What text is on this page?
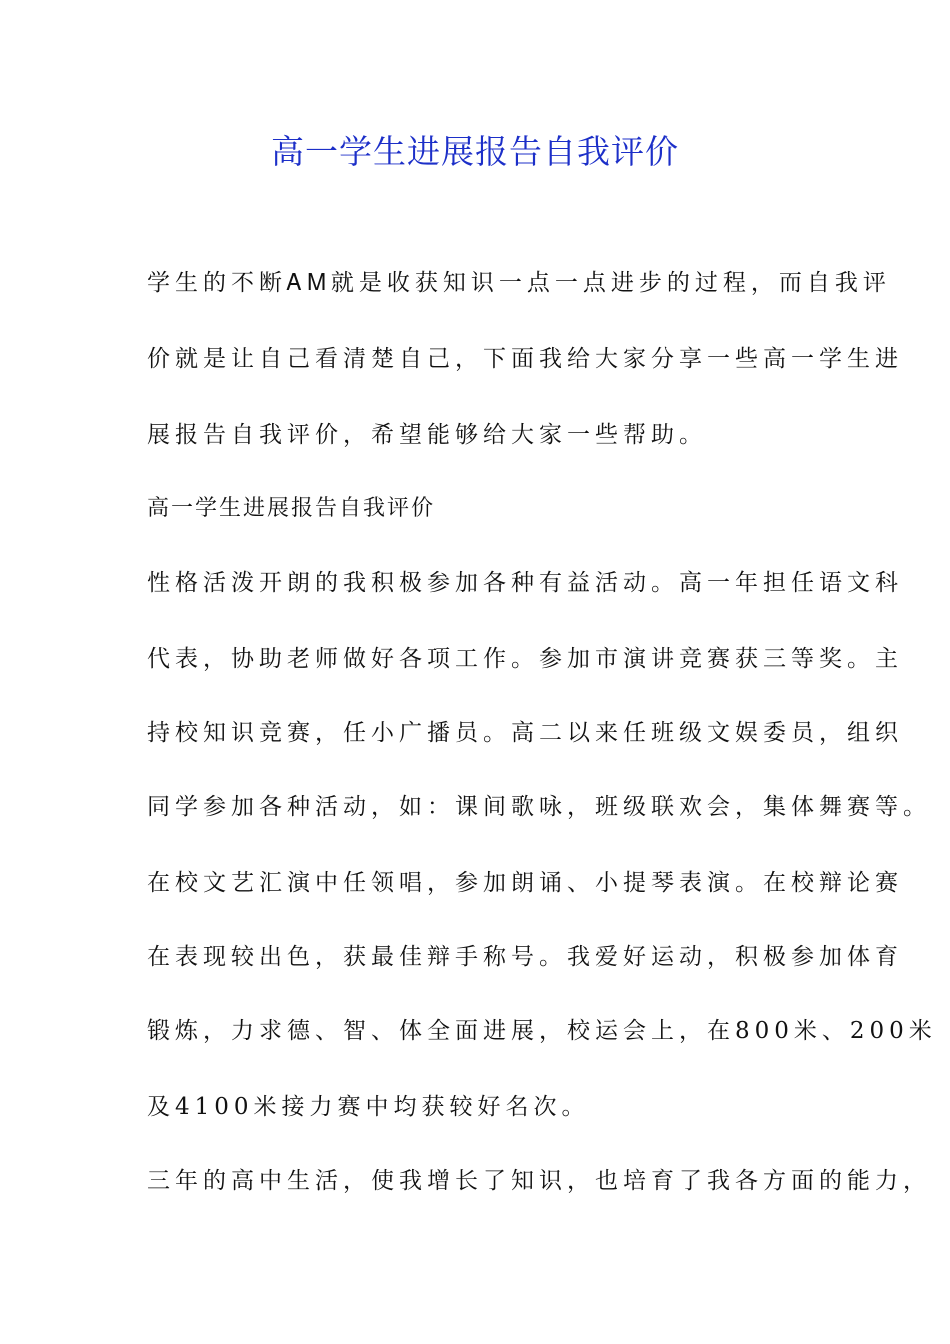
高一学生进展报告自我评价

学生的不断ᎪᎷ就是收获知识一点一点进步的过程，而自我评

价就是让自己看清楚自己，下面我给大家分享一些高一学生进

展报告自我评价，希望能够给大家一些帮助。

高一学生进展报告自我评价

性格活泼开朗的我积极参加各种有益活动。高一年担任语文科

代表，协助老师做好各项工作。参加市演讲竞赛获三等奖。主

持校知识竞赛，任小广播员。高二以来任班级文娱委员，组织

同学参加各种活动，如：课间歌咏，班级联欢会，集体舞赛等。

在校文艺汇演中任领唱，参加朗诵、小提琴表演。在校辩论赛

在表现较出色，获最佳辩手称号。我爱好运动，积极参加体育

锻炼，力求德、智、体全面进展，校运会上，在800米、200米

及4100米接力赛中均获较好名次。

三年的高中生活，使我增长了知识，也培育了我各方面的能力，
